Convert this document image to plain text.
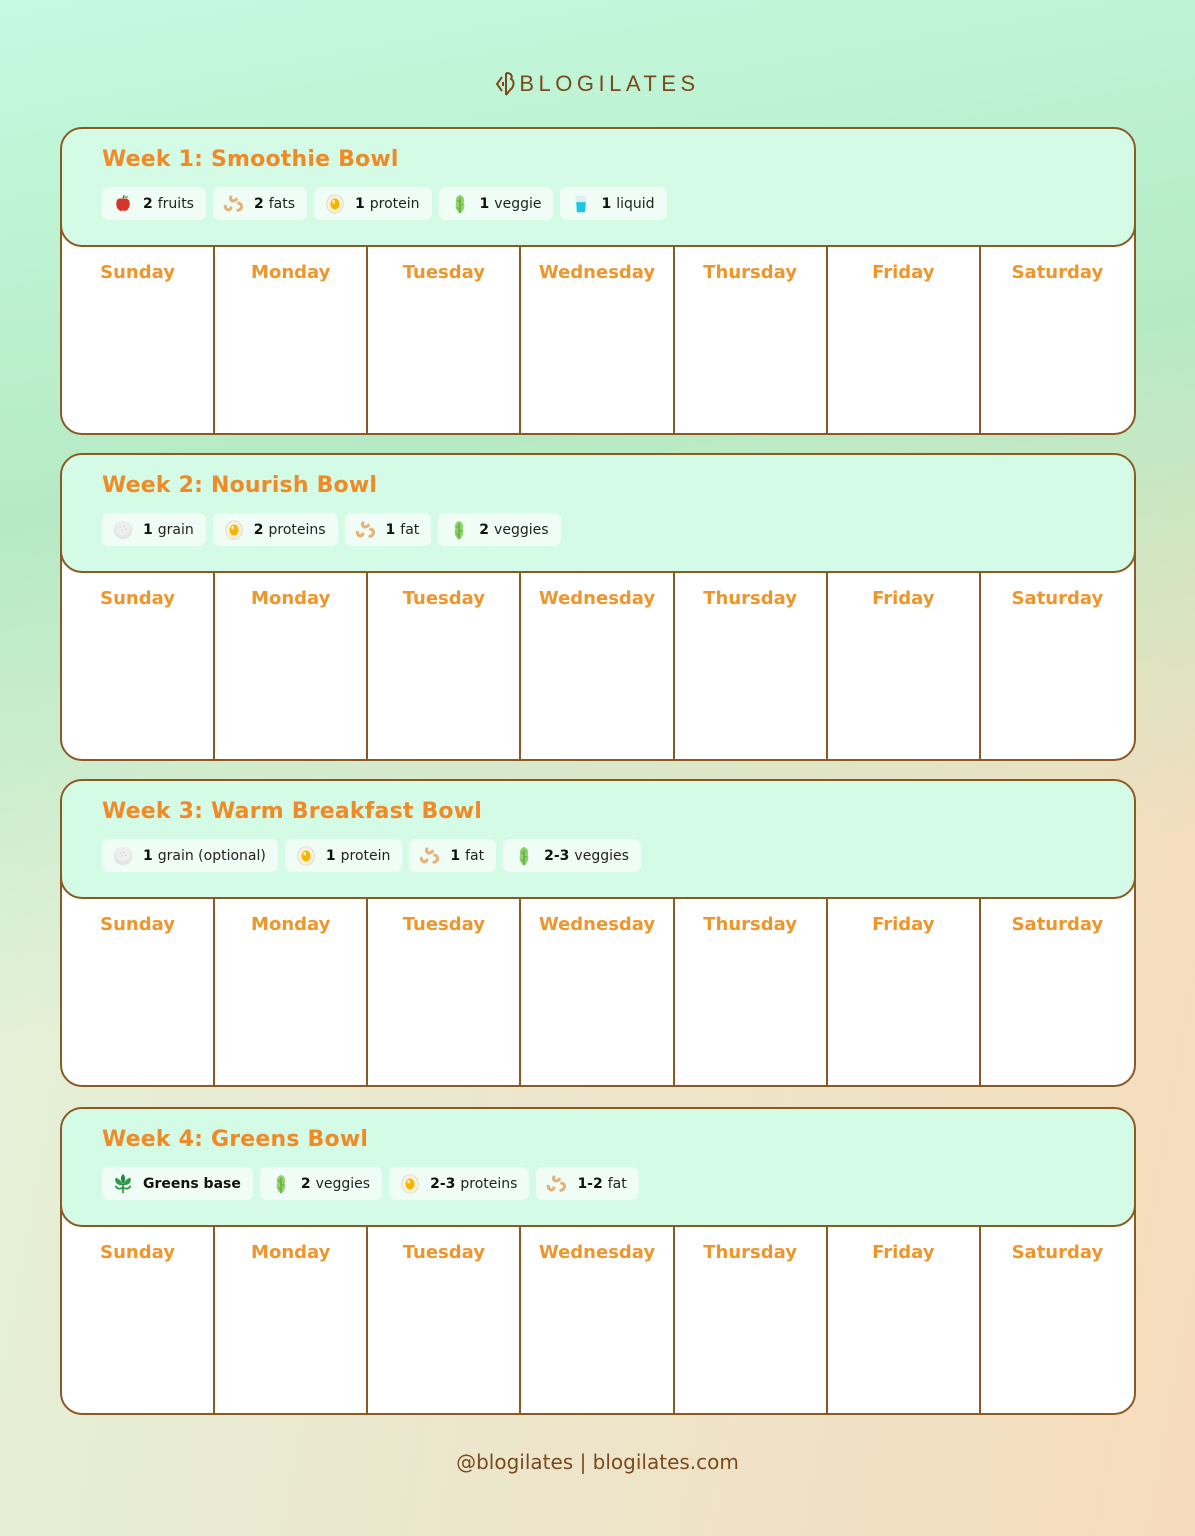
BLOGILATES
Sunday	Monday	Tuesday	Wednesday	Thursday	Friday	Saturday
Week 1: Smoothie Bowl
2 fruits	2 fats	1 protein	1 veggie	1 liquid
Sunday	Monday	Tuesday	Wednesday	Thursday	Friday	Saturday
Week 2: Nourish Bowl
1 grain	2 proteins	1 fat	2 veggies
Sunday	Monday	Tuesday	Wednesday	Thursday	Friday	Saturday
Week 3: Warm Breakfast Bowl
1 grain (optional)	1 protein	1 fat	2-3 veggies
Sunday	Monday	Tuesday	Wednesday	Thursday	Friday	Saturday
Week 4: Greens Bowl
Greens base	2 veggies	2-3 proteins	1-2 fat
@blogilates | blogilates.com
